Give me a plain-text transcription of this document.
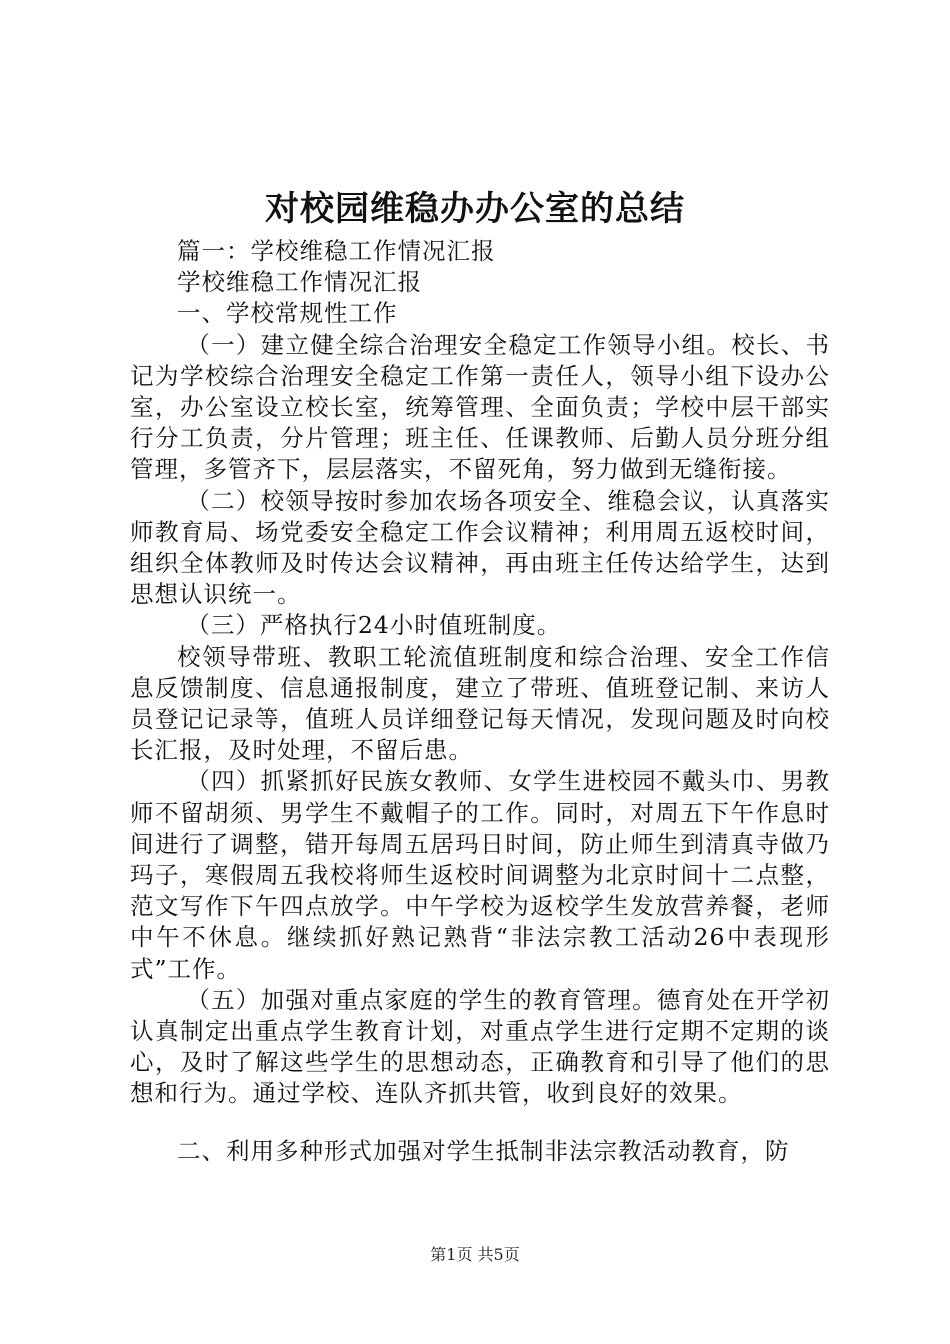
对校园维稳办办公室的总结

篇一：学校维稳工作情况汇报

学校维稳工作情况汇报

一、学校常规性工作

（一）建立健全综合治理安全稳定工作领导小组。校长、书记为学校综合治理安全稳定工作第一责任人，领导小组下设办公室，办公室设立校长室，统筹管理、全面负责；学校中层干部实行分工负责，分片管理；班主任、任课教师、后勤人员分班分组管理，多管齐下，层层落实，不留死角，努力做到无缝衔接。

（二）校领导按时参加农场各项安全、维稳会议，认真落实师教育局、场党委安全稳定工作会议精神；利用周五返校时间，组织全体教师及时传达会议精神，再由班主任传达给学生，达到思想认识统一。

（三）严格执行24小时值班制度。

校领导带班、教职工轮流值班制度和综合治理、安全工作信息反馈制度、信息通报制度，建立了带班、值班登记制、来访人员登记记录等，值班人员详细登记每天情况，发现问题及时向校长汇报，及时处理，不留后患。

（四）抓紧抓好民族女教师、女学生进校园不戴头巾、男教师不留胡须、男学生不戴帽子的工作。同时，对周五下午作息时间进行了调整，错开每周五居玛日时间，防止师生到清真寺做乃玛子，寒假周五我校将师生返校时间调整为北京时间十二点整，范文写作下午四点放学。中午学校为返校学生发放营养餐，老师中午不休息。继续抓好熟记熟背“非法宗教工活动26中表现形式”工作。

（五）加强对重点家庭的学生的教育管理。德育处在开学初认真制定出重点学生教育计划，对重点学生进行定期不定期的谈心，及时了解这些学生的思想动态，正确教育和引导了他们的思想和行为。通过学校、连队齐抓共管，收到良好的效果。

二、利用多种形式加强对学生抵制非法宗教活动教育，防

第1页 共5页
